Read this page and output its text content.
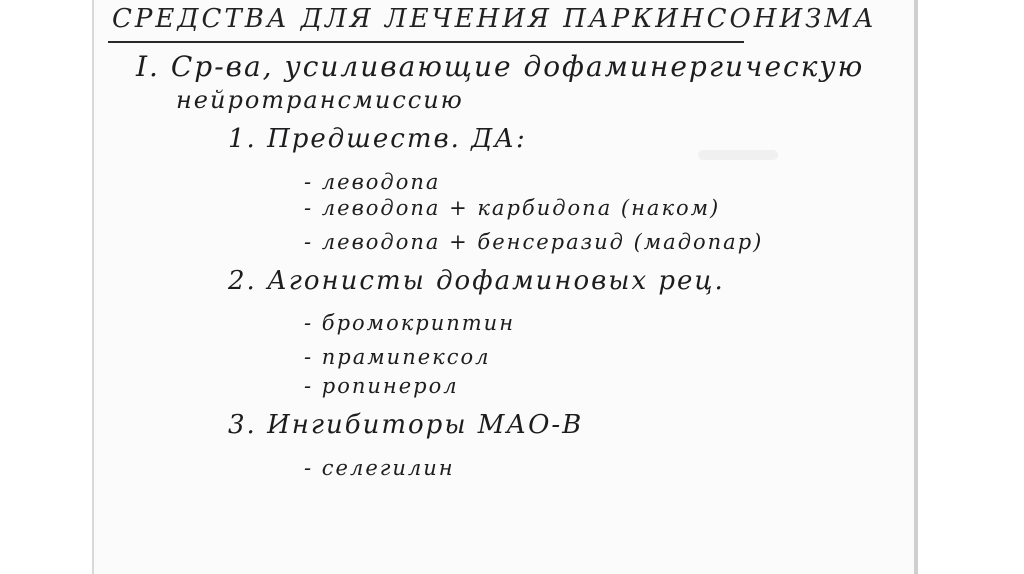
СРЕДСТВА ДЛЯ ЛЕЧЕНИЯ ПАРКИНСОНИЗМА
I. Ср-ва, усиливающие дофаминергическую
нейротрансмиссию
1. Предшеств. ДА:
- леводопа
- леводопа + карбидопа (наком)
- леводопа + бенсеразид (мадопар)
2. Агонисты дофаминовых рец.
- бромокриптин
- прамипексол
- ропинерол
3. Ингибиторы МАО-В
- селегилин
